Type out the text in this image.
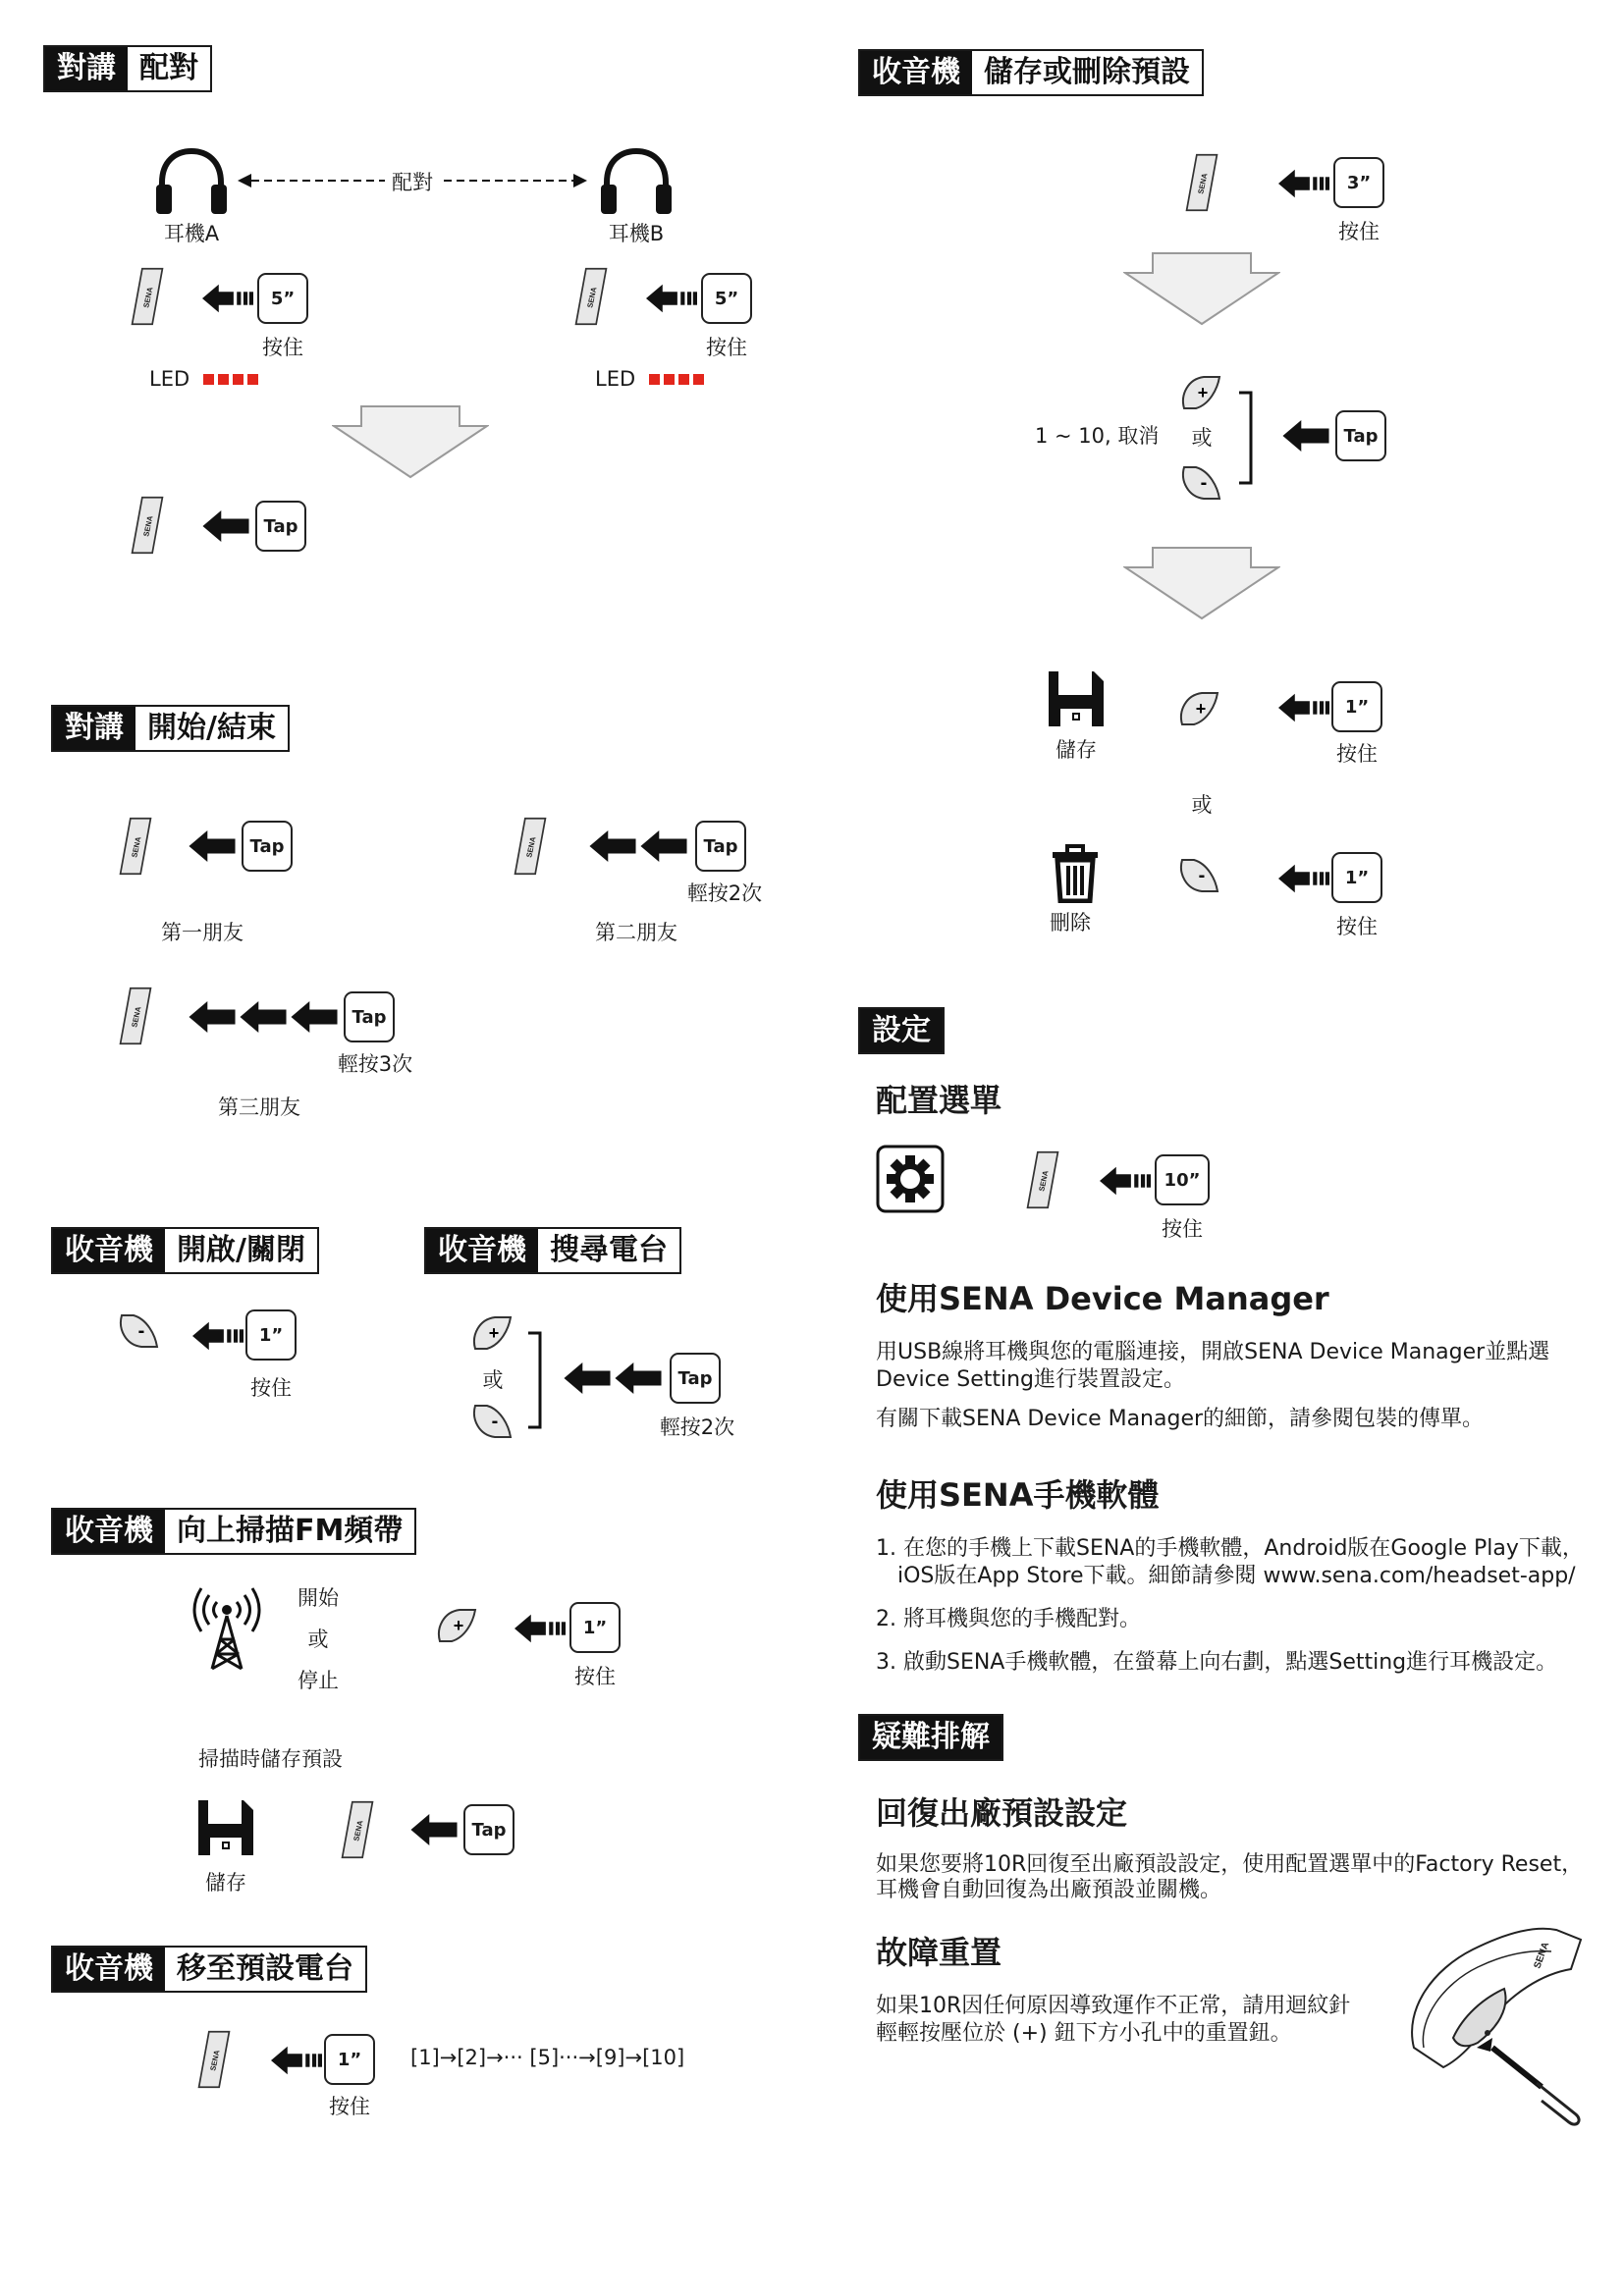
對講 配對
耳機A	耳機B
配對
5”
按住
LED
5”
按住
LED
Tap
對講 開始/結束
Tap
第一朋友
Tap
輕按2次
第二朋友
Tap
輕按3次
第三朋友
收音機 開啟/關閉
1”
按住
收音機 搜尋電台
或	Tap
輕按2次
收音機 向上掃描FM頻帶
開始
或
停止
1”
按住
掃描時儲存預設
儲存
Tap
收音機 移至預設電台
1”
按住
[1]→[2]→··· [5]···→[9]→[10]
收音機 儲存或刪除預設
3”
按住
1 ~ 10, 取消 或	Tap
儲存
1”
按住
或
刪除
1”
按住
設定
配置選單
10”
按住
使用SENA Device Manager
用USB線將耳機與您的電腦連接，開啟SENA Device Manager並點選
Device Setting進行裝置設定。
有關下載SENA Device Manager的細節，請參閱包裝的傳單。
使用SENA手機軟體
1. 在您的手機上下載SENA的手機軟體，Android版在Google Play下載，
iOS版在App Store下載。細節請參閱 www.sena.com/headset-app/
2. 將耳機與您的手機配對。
3. 啟動SENA手機軟體，在螢幕上向右劃，點選Setting進行耳機設定。
疑難排解
回復出廠預設設定
如果您要將10R回復至出廠預設設定，使用配置選單中的Factory Reset，
耳機會自動回復為出廠預設並關機。
故障重置
如果10R因任何原因導致運作不正常，請用迴紋針
輕輕按壓位於 (+) 鈕下方小孔中的重置鈕。
SENA
